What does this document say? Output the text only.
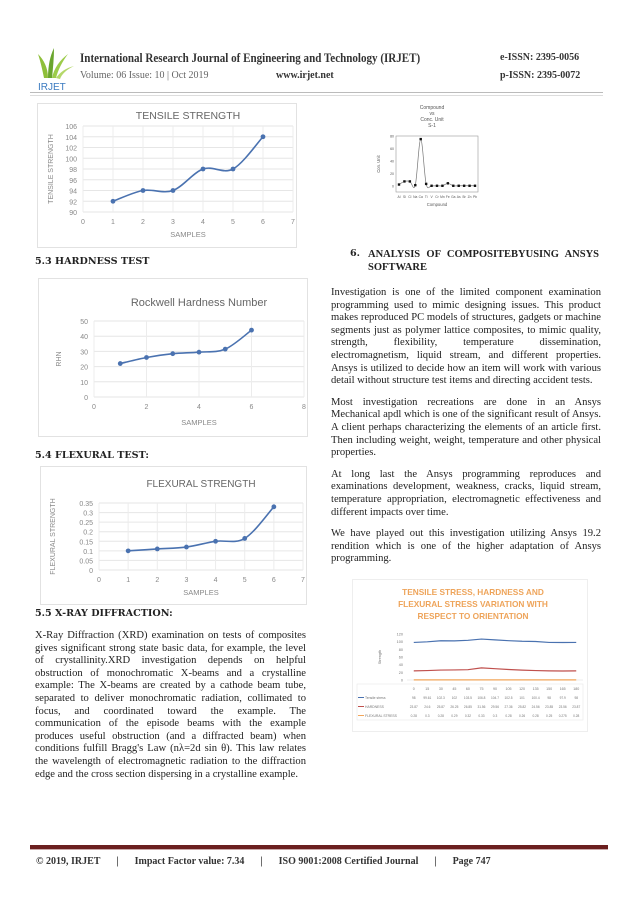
IRJET
International Research Journal of Engineering and Technology (IRJET)	e-ISSN: 2395-0056
Volume: 06 Issue: 10 | Oct 2019	www.irjet.net	p-ISSN: 2395-0072
TENSILE STRENGTH
90
92
94
96
98
100
102
104
106
0	1	2	3	4	5	6	7
SAMPLES
TENSILE STRENGTH
5.3 HARDNESS TEST
Rockwell Hardness Number
0
10
20
30
40
50
0	2	4	6	8
SAMPLES
RHN
5.4 FLEXURAL TEST:
FLEXURAL STRENGTH
0
0.05
0.1
0.15
0.2
0.25
0.3
0.35
0	1	2	3	4	5	6	7
SAMPLES
FLEXURAL STRENGTH
5.5 X-RAY DIFFRACTION:
X-Ray Diffraction (XRD) examination on tests of composites gives significant strong state basic data, for example, the level of crystallinity.XRD investigation depends on helpful obstruction of monochromatic X-beams and a crystalline example: The X-beams are created by a cathode beam tube, separated to deliver monochromatic radiation, collimated to focus, and coordinated toward the example. The communication of the episode beams with the example produces useful obstruction (and a diffracted beam) when conditions fulfill Bragg's Law (nλ=2d sin θ). This law relates the wavelength of electromagnetic radiation to the diffraction edge and the cross section dispersing in a crystalline example.
Compound
vs
Conc. Unit
S-1
0
20
40
60
80
Al Si Cl Na Ca Ti V Cr Mn Fe Ga As Br Zn Pb
Compound
Con. Unit
6. ANALYSIS OF COMPOSITEBYUSING ANSYS SOFTWARE
Investigation is one of the limited component examination programming used to mimic designing issues. This product makes reproduced PC models of structures, gadgets or machine segments just as polymer lattice composites, to mimic quality, strength, flexibility, temperature dissemination, electromagnetism, liquid stream, and different properties. Ansys is utilized to decide how an item will work with various detail without structure test items and directing accident tests.
Most investigation recreations are done in an Ansys Mechanical apdl which is one of the significant result of Ansys. A client perhaps characterizing the elements of an article first. Then including weight, weight, temperature and other physical properties.
At long last the Ansys programming reproduces and examinations development, weakness, cracks, liquid stream, temperature appropriation, electromagnetic effectiveness and different impacts over time.
We have played out this investigation utilizing Ansys 19.2 rendition which is one of the higher adaptation of Ansys programming.
TENSILE STRESS, HARDNESS AND
FLEXURAL STRESS VARIATION WITH
RESPECT TO ORIENTATION
0
20
40
60
80
100
120
Strength
0	15	30	45	60	75	90 105 120 135 150 165 180
Tensile stress	98 99.61 102.3 102 103.5 106.8 104.7 102.5 101 100.4 98	97.9	98
HARDNESS	23.87 24.6 25.87 26.25 26.85 31.56 29.56 27.36 25.82 24.56 23.85 23.56 23.87
FLEXURAL STRESS	0.28	0.3	0.28 0.29 0.32 0.33	0.3	0.28 0.26 0.28 0.25 0.275 0.28
© 2019, IRJET | Impact Factor value: 7.34 | ISO 9001:2008 Certified Journal | Page 747
